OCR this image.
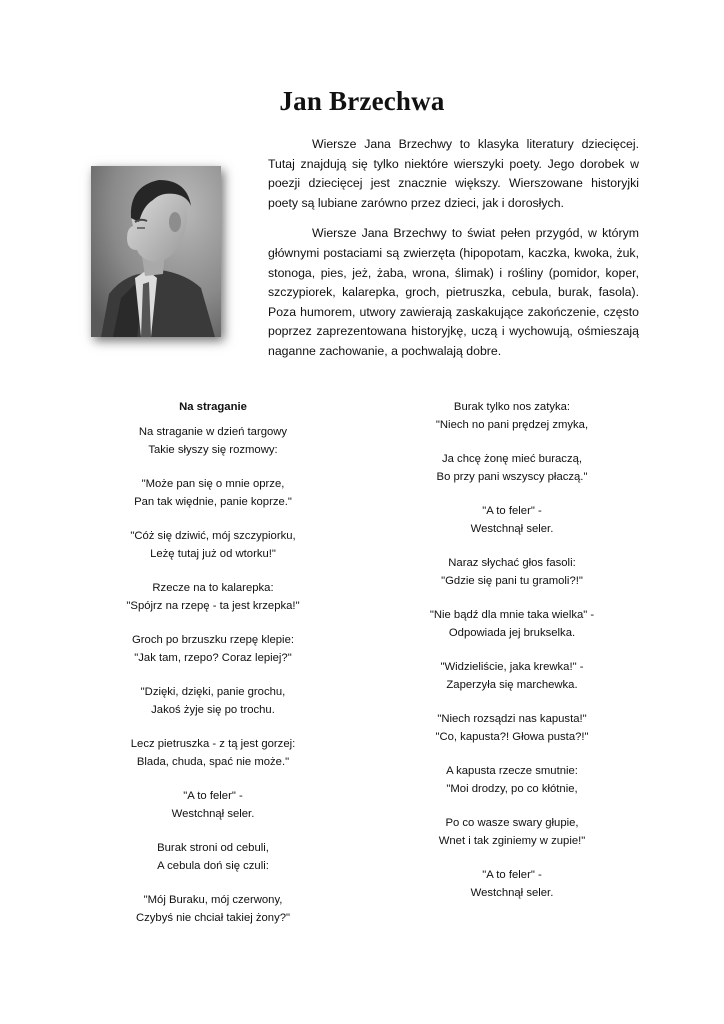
Jan Brzechwa

Wiersze Jana Brzechwy to klasyka literatury dziecięcej. Tutaj znajdują się tylko niektóre wierszyki poety. Jego dorobek w poezji dziecięcej jest znacznie większy. Wierszowane historyjki poety są lubiane zarówno przez dzieci, jak i dorosłych.

Wiersze Jana Brzechwy to świat pełen przygód, w którym głównymi postaciami są zwierzęta (hipopotam, kaczka, kwoka, żuk, stonoga, pies, jeż, żaba, wrona, ślimak) i rośliny (pomidor, koper, szczypiorek, kalarepka, groch, pietruszka, cebula, burak, fasola). Poza humorem, utwory zawierają zaskakujące zakończenie, często poprzez zaprezentowana historyjkę, uczą i wychowują, ośmieszają naganne zachowanie, a pochwalają dobre.

Na straganie
Na straganie w dzień targowy
Takie słyszy się rozmowy:
"Może pan się o mnie oprze,
Pan tak więdnie, panie koprze."
"Cóż się dziwić, mój szczypiorku,
Leżę tutaj już od wtorku!"
Rzecze na to kalarepka:
"Spójrz na rzepę - ta jest krzepka!"
Groch po brzuszku rzepę klepie:
"Jak tam, rzepo? Coraz lepiej?"
"Dzięki, dzięki, panie grochu,
Jakoś żyje się po trochu.
Lecz pietruszka - z tą jest gorzej:
Blada, chuda, spać nie może."
"A to feler" -
Westchnął seler.
Burak stroni od cebuli,
A cebula doń się czuli:
"Mój Buraku, mój czerwony,
Czybyś nie chciał takiej żony?"
Burak tylko nos zatyka:
"Niech no pani prędzej zmyka,
Ja chcę żonę mieć buraczą,
Bo przy pani wszyscy płaczą."
"A to feler" -
Westchnął seler.
Naraz słychać głos fasoli:
"Gdzie się pani tu gramoli?!"
"Nie bądź dla mnie taka wielka" -
Odpowiada jej brukselka.
"Widzieliście, jaka krewka!" -
Zaperzyła się marchewka.
"Niech rozsądzi nas kapusta!"
"Co, kapusta?! Głowa pusta?!"
A kapusta rzecze smutnie:
"Moi drodzy, po co kłótnie,
Po co wasze swary głupie,
Wnet i tak zginiemy w zupie!"
"A to feler" -
Westchnął seler.
